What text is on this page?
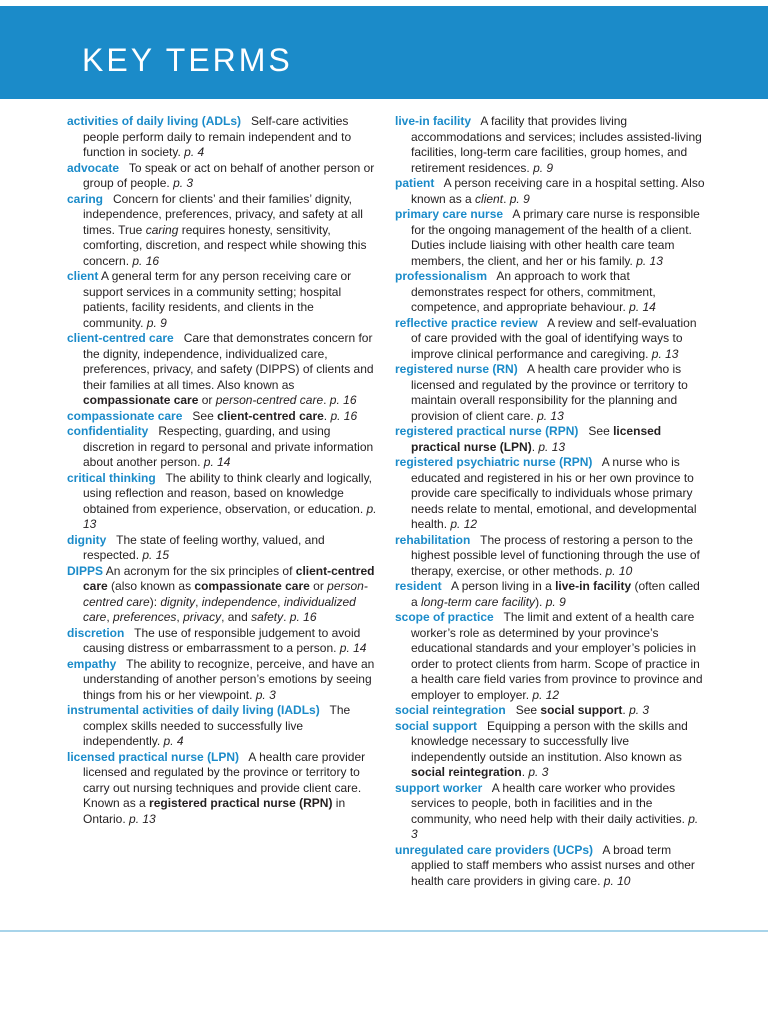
KEY TERMS
activities of daily living (ADLs)   Self-care activities people perform daily to remain independent and to function in society. p. 4
advocate   To speak or act on behalf of another person or group of people. p. 3
caring   Concern for clients’ and their families’ dignity, independence, preferences, privacy, and safety at all times. True caring requires honesty, sensitivity, comforting, discretion, and respect while showing this concern. p. 16
client A general term for any person receiving care or support services in a community setting; hospital patients, facility residents, and clients in the community. p. 9
client-centred care   Care that demonstrates concern for the dignity, independence, individualized care, preferences, privacy, and safety (DIPPS) of clients and their families at all times. Also known as compassionate care or person-centred care. p. 16
compassionate care   See client-centred care. p. 16
confidentiality   Respecting, guarding, and using discretion in regard to personal and private information about another person. p. 14
critical thinking   The ability to think clearly and logically, using reflection and reason, based on knowledge obtained from experience, observation, or education. p. 13
dignity   The state of feeling worthy, valued, and respected. p. 15
DIPPS An acronym for the six principles of client-centred care (also known as compassionate care or person-centred care): dignity, independence, individualized care, preferences, privacy, and safety. p. 16
discretion   The use of responsible judgement to avoid causing distress or embarrassment to a person. p. 14
empathy   The ability to recognize, perceive, and have an understanding of another person’s emotions by seeing things from his or her viewpoint. p. 3
instrumental activities of daily living (IADLs)   The complex skills needed to successfully live independently. p. 4
licensed practical nurse (LPN)   A health care provider licensed and regulated by the province or territory to carry out nursing techniques and provide client care. Known as a registered practical nurse (RPN) in Ontario. p. 13
live-in facility   A facility that provides living accommodations and services; includes assisted-living facilities, long-term care facilities, group homes, and retirement residences. p. 9
patient   A person receiving care in a hospital setting. Also known as a client. p. 9
primary care nurse   A primary care nurse is responsible for the ongoing management of the health of a client. Duties include liaising with other health care team members, the client, and her or his family. p. 13
professionalism   An approach to work that demonstrates respect for others, commitment, competence, and appropriate behaviour. p. 14
reflective practice review   A review and self-evaluation of care provided with the goal of identifying ways to improve clinical performance and caregiving. p. 13
registered nurse (RN)   A health care provider who is licensed and regulated by the province or territory to maintain overall responsibility for the planning and provision of client care. p. 13
registered practical nurse (RPN)   See licensed practical nurse (LPN). p. 13
registered psychiatric nurse (RPN)   A nurse who is educated and registered in his or her own province to provide care specifically to individuals whose primary needs relate to mental, emotional, and developmental health. p. 12
rehabilitation   The process of restoring a person to the highest possible level of functioning through the use of therapy, exercise, or other methods. p. 10
resident   A person living in a live-in facility (often called a long-term care facility). p. 9
scope of practice   The limit and extent of a health care worker’s role as determined by your province’s educational standards and your employer’s policies in order to protect clients from harm. Scope of practice in a health care field varies from province to province and employer to employer. p. 12
social reintegration   See social support. p. 3
social support   Equipping a person with the skills and knowledge necessary to successfully live independently outside an institution. Also known as social reintegration. p. 3
support worker   A health care worker who provides services to people, both in facilities and in the community, who need help with their daily activities. p. 3
unregulated care providers (UCPs)   A broad term applied to staff members who assist nurses and other health care providers in giving care. p. 10
